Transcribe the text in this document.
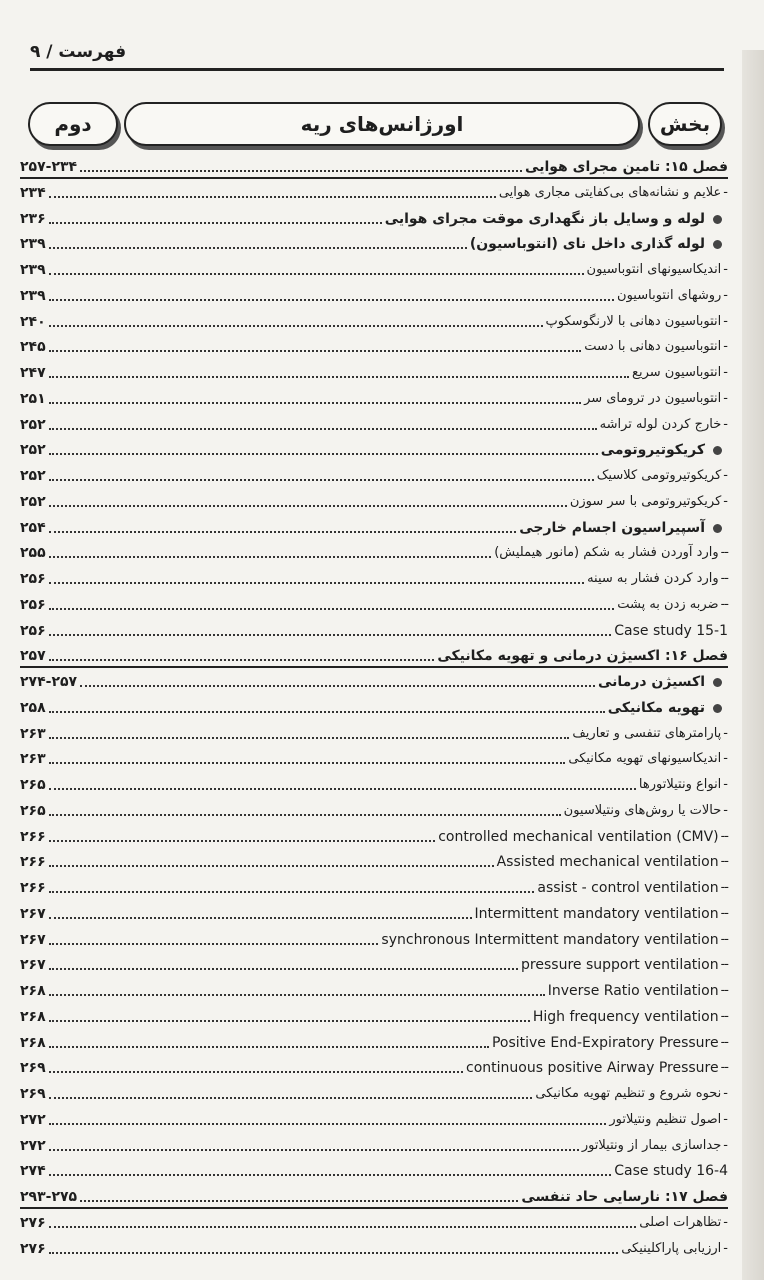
فهرست / ۹
دوم	اورژانس‌های ریه	بخش
فصل ۱۵: تامین مجرای هوایی
۲۵۷-۲۳۴
-
علایم و نشانه‌های بی‌کفایتی مجاری هوایی
۲۳۴
لوله و وسایل باز نگهداری موقت مجرای هوایی
۲۳۶
لوله گذاری داخل نای (انتوباسیون)
۲۳۹
-
اندیکاسیونهای انتوباسیون
۲۳۹
-
روشهای انتوباسیون
۲۳۹
-
انتوباسیون دهانی با لارنگوسکوپ
۲۴۰
-
انتوباسیون دهانی با دست
۲۴۵
-
انتوباسیون سریع
۲۴۷
-
انتوباسیون در ترومای سر
۲۵۱
-
خارج کردن لوله تراشه
۲۵۲
کریکوتیروتومی
۲۵۲
-
کریکوتیروتومی کلاسیک
۲۵۲
-
کریکوتیروتومی با سر سوزن
۲۵۲
آسپیراسیون اجسام خارجی
۲۵۴
--
وارد آوردن فشار به شکم (مانور هیملیش)
۲۵۵
--
وارد کردن فشار به سینه
۲۵۶
--
ضربه زدن به پشت
۲۵۶
Case study 15-1
۲۵۶
فصل ۱۶: اکسیژن درمانی و تهویه مکانیکی
۲۵۷
اکسیژن درمانی
۲۷۴-۲۵۷
تهویه مکانیکی
۲۵۸
-
پارامترهای تنفسی و تعاریف
۲۶۳
-
اندیکاسیونهای تهویه مکانیکی
۲۶۳
-
انواع ونتیلاتورها
۲۶۵
-
حالات یا روش‌های ونتیلاسیون
۲۶۵
--
controlled mechanical ventilation (CMV)
۲۶۶
--
Assisted mechanical ventilation
۲۶۶
--
assist - control ventilation
۲۶۶
--
Intermittent mandatory ventilation
۲۶۷
--
synchronous Intermittent mandatory ventilation
۲۶۷
--
pressure support ventilation
۲۶۷
--
Inverse Ratio ventilation
۲۶۸
--
High frequency ventilation
۲۶۸
--
Positive End-Expiratory Pressure
۲۶۸
--
continuous positive Airway Pressure
۲۶۹
-
نحوه شروع و تنظیم تهویه مکانیکی
۲۶۹
-
اصول تنظیم ونتیلاتور
۲۷۲
-
جداسازی بیمار از ونتیلاتور
۲۷۲
Case study 16-4
۲۷۴
فصل ۱۷: نارسایی حاد تنفسی
۲۹۳-۲۷۵
-
تظاهرات اصلی
۲۷۶
-
ارزیابی پاراکلینیکی
۲۷۶
